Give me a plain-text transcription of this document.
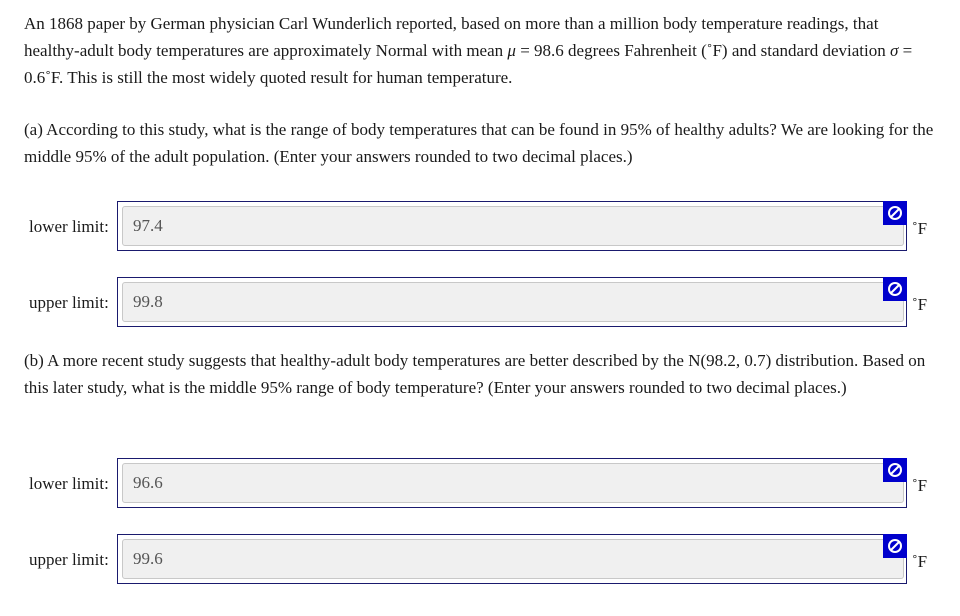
An 1868 paper by German physician Carl Wunderlich reported, based on more than a million body temperature readings, that healthy-adult body temperatures are approximately Normal with mean μ = 98.6 degrees Fahrenheit (˚F) and standard deviation σ = 0.6˚F. This is still the most widely quoted result for human temperature.

(a) According to this study, what is the range of body temperatures that can be found in 95% of healthy adults? We are looking for the middle 95% of the adult population. (Enter your answers rounded to two decimal places.)

lower limit:
97.4	˚F
upper limit:
99.8	˚F

(b) A more recent study suggests that healthy-adult body temperatures are better described by the N(98.2, 0.7) distribution. Based on this later study, what is the middle 95% range of body temperature? (Enter your answers rounded to two decimal places.)

lower limit:
96.6	˚F
upper limit:
99.6	˚F
